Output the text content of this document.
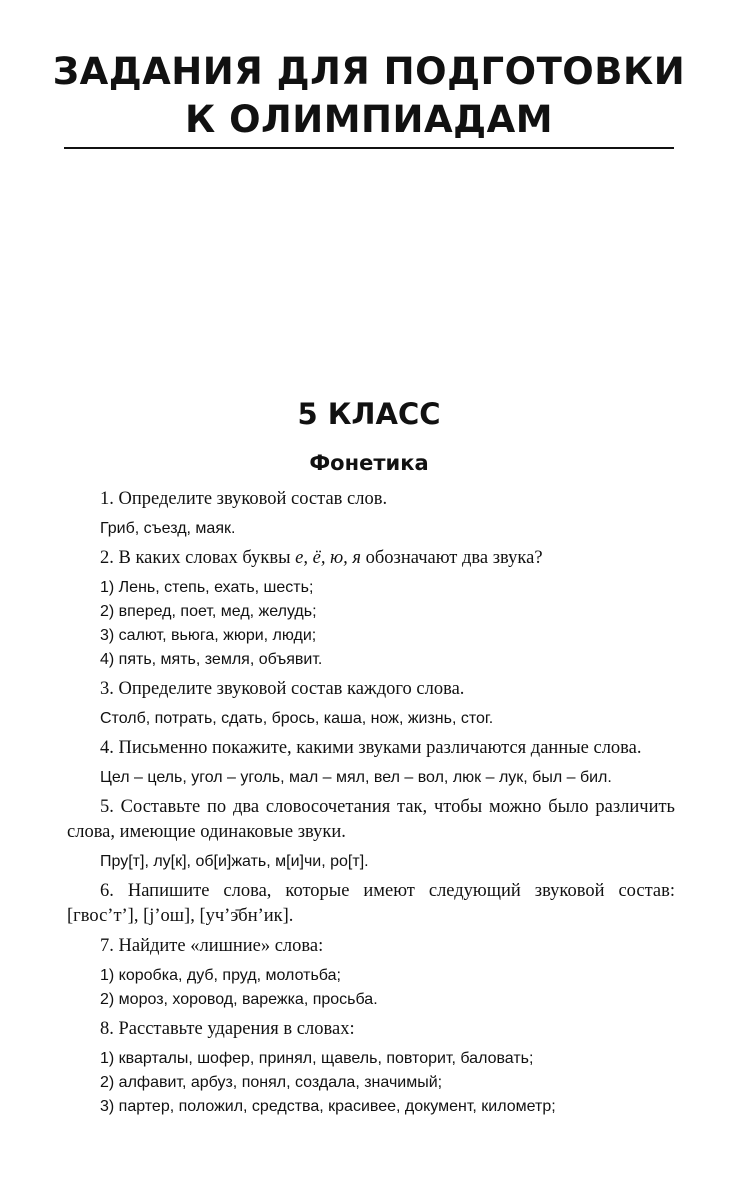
ЗАДАНИЯ ДЛЯ ПОДГОТОВКИ
К ОЛИМПИАДАМ
5 КЛАСС
Фонетика

1. Определите звуковой состав слов.

Гриб, съезд, маяк.

2. В каких словах буквы е, ё, ю, я обозначают два звука?

1) Лень, степь, ехать, шесть;
2) вперед, поет, мед, желудь;
3) салют, вьюга, жюри, люди;
4) пять, мять, земля, объявит.

3. Определите звуковой состав каждого слова.

Столб, потрать, сдать, брось, каша, нож, жизнь, стог.

4. Письменно покажите, какими звуками различаются данные слова.

Цел – цель, угол – уголь, мал – мял, вел – вол, люк – лук, был – бил.

5. Составьте по два словосочетания так, чтобы можно было различить слова, имеющие одинаковые звуки.

Пру[т], лу[к], об[и]жать, м[и]чи, ро[т].

6. Напишите слова, которые имеют следующий звуковой состав: [гвос’т’], [j’ош], [уч’э̄бн’ик].

7. Найдите «лишние» слова:

1) коробка, дуб, пруд, молотьба;
2) мороз, хоровод, варежка, просьба.

8. Расставьте ударения в словах:

1) кварталы, шофер, принял, щавель, повторит, баловать;
2) алфавит, арбуз, понял, создала, значимый;
3) партер, положил, средства, красивее, документ, километр;
